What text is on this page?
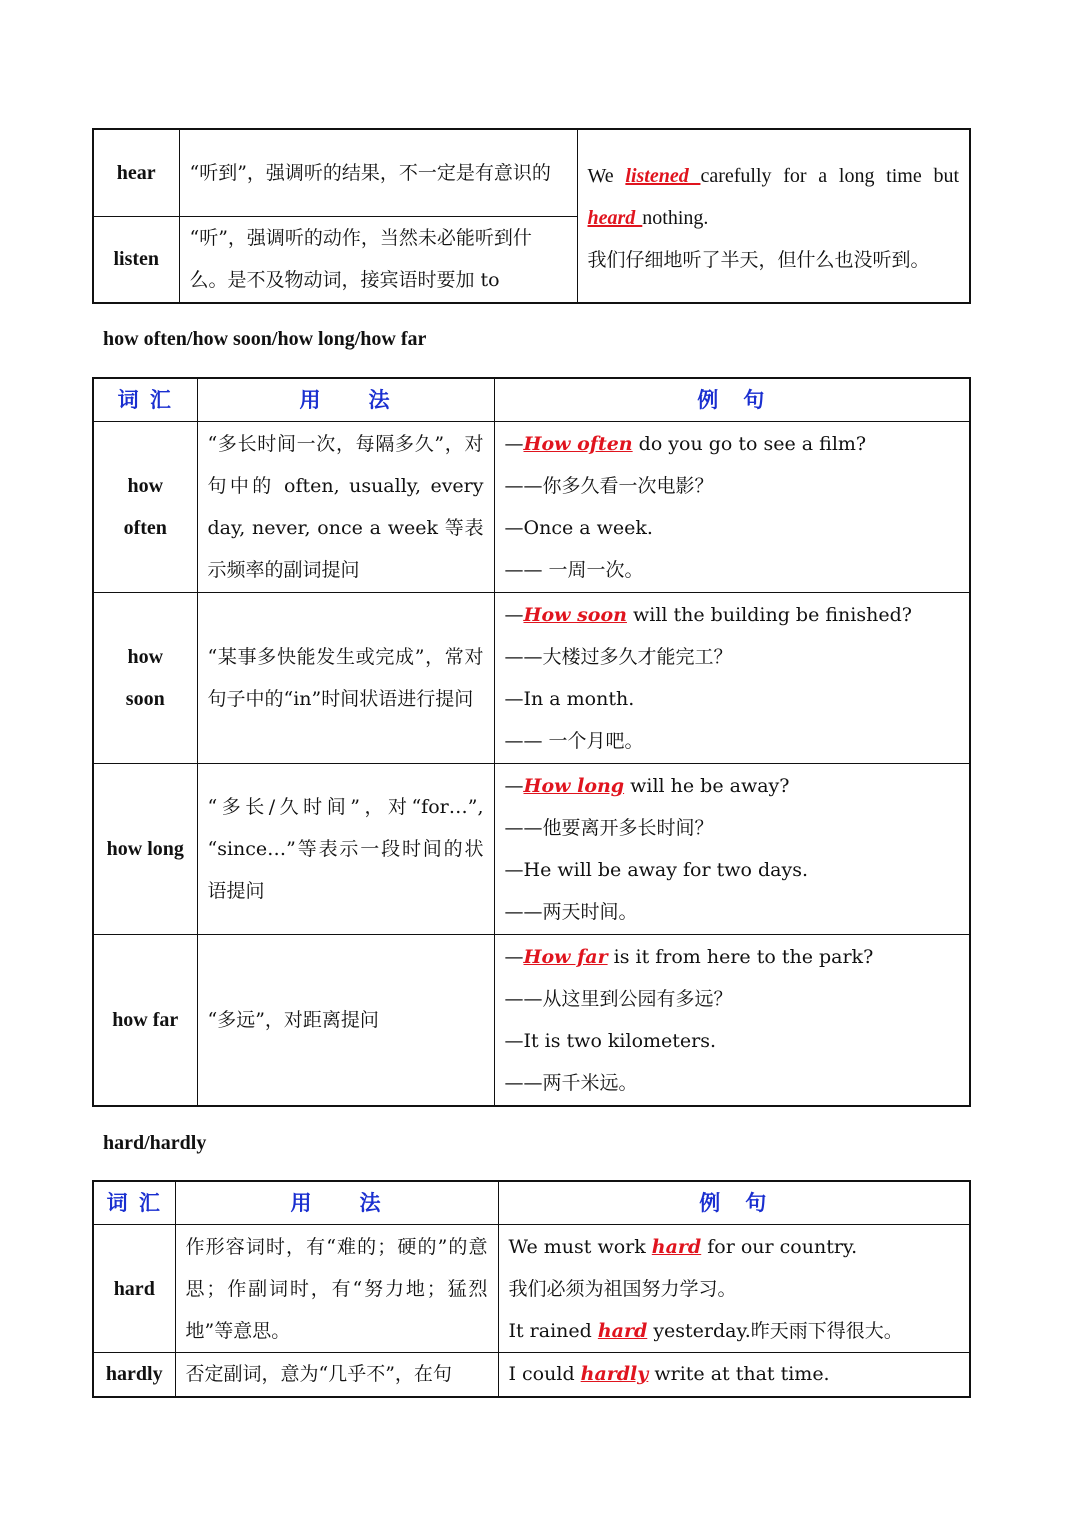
hear	“听到”，强调听的结果，不一定是有意识的	We listened carefully for a long time but heard nothing.
我们仔细地听了半天，但什么也没听到。

listen	“听”，强调听的动作，当然未必能听到什么。是不及物动词，接宾语时要加 to	
how often/how soon/how long/how far
词 汇	用　　法	例　句

how often	“多长时间一次，每隔多久”，对句中的 often, usually, every day, never, once a week 等表示频率的副词提问	—How often do you go to see a film?
——你多久看一次电影？
—Once a week.
—— 一周一次。

how soon	“某事多快能发生或完成”，常对句子中的“in”时间状语进行提问	—How soon will the building be finished?
——大楼过多久才能完工？
—In a month.
—— 一个月吧。

how long	“多长/久时间”，对“for…”, “since…”等表示一段时间的状语提问	—How long will he be away?
——他要离开多长时间？
—He will be away for two days.
——两天时间。

how far	“多远”，对距离提问	—How far is it from here to the park?
——从这里到公园有多远？
—It is two kilometers.
——两千米远。
hard/hardly
词 汇	用　　法	例　句
hard	作形容词时，有“难的；硬的”的意思；作副词时，有“努力地；猛烈地”等意思。	We must work hard for our country.
我们必须为祖国努力学习。
It rained hard yesterday.昨天雨下得很大。

hardly	否定副词，意为“几乎不”，在句	I could hardly write at that time.
